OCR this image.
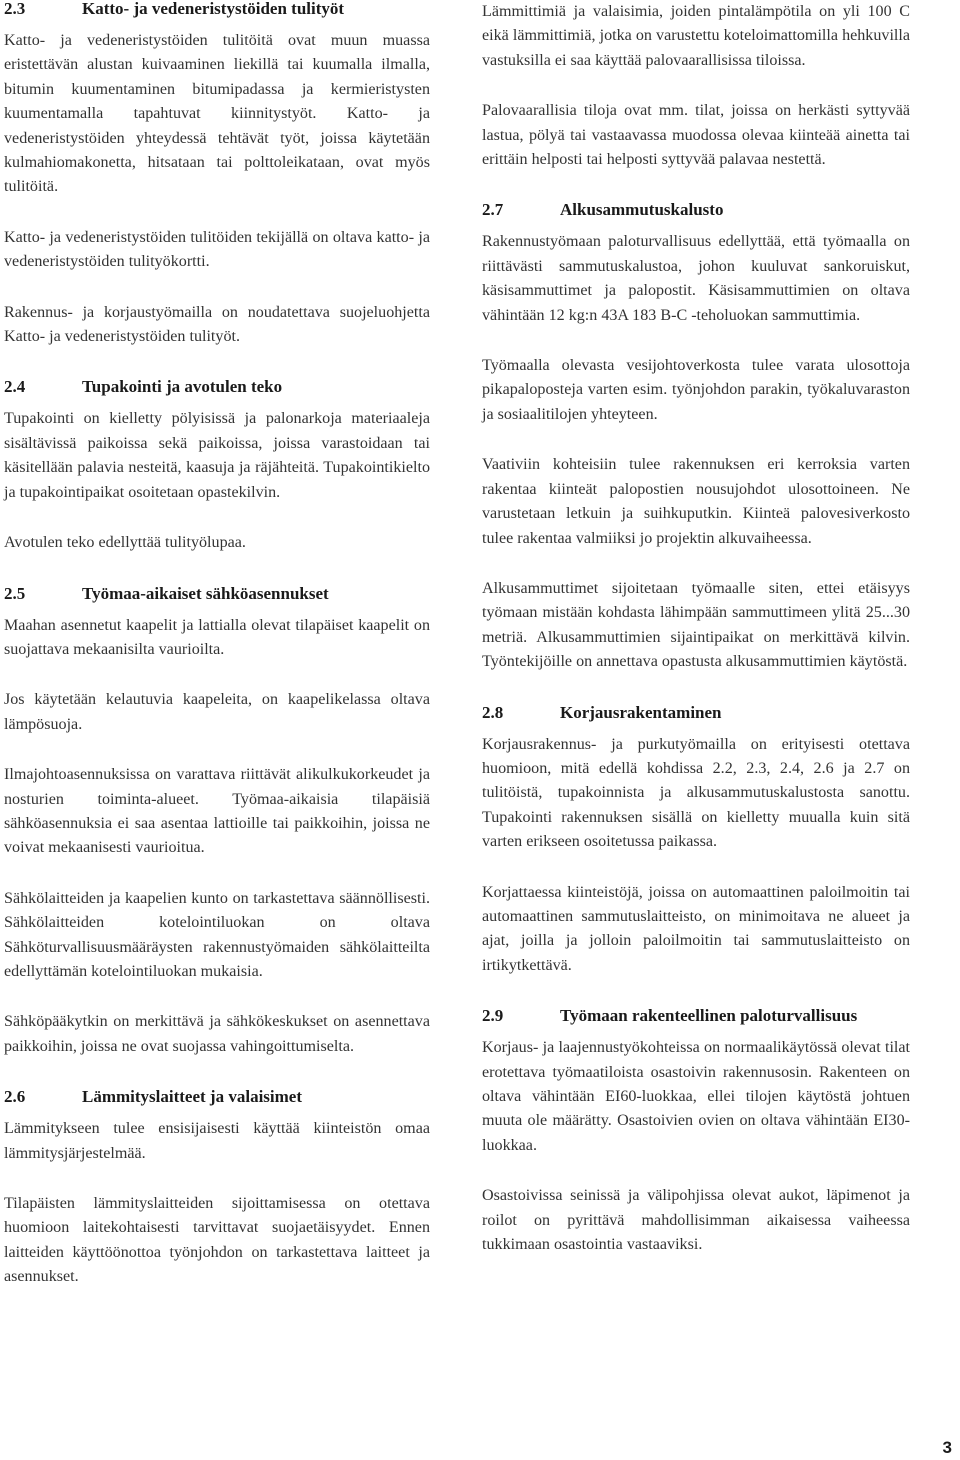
2.3	Katto- ja vedeneristystöiden tulityöt

Katto- ja vedeneristystöiden tulitöitä ovat muun muassa eristettävän alustan kuivaaminen liekillä tai kuumalla ilmalla, bitumin kuumentaminen bitumipadassa ja kermieristysten kuumentamalla tapahtuvat kiinnitystyöt. Katto- ja vedeneristystöiden yhteydessä tehtävät työt, joissa käytetään kulmahiomakonetta, hitsataan tai polttoleikataan, ovat myös tulitöitä.

Katto- ja vedeneristystöiden tulitöiden tekijällä on oltava katto- ja vedeneristystöiden tulityökortti.

Rakennus- ja korjaustyömailla on noudatettava suojeluohjetta Katto- ja vedeneristystöiden tulityöt.

2.4	Tupakointi ja avotulen teko

Tupakointi on kielletty pölyisissä ja palonarkoja materiaaleja sisältävissä paikoissa sekä paikoissa, joissa varastoidaan tai käsitellään palavia nesteitä, kaasuja ja räjähteitä. Tupakointikielto ja tupakointipaikat osoitetaan opastekilvin.

Avotulen teko edellyttää tulityölupaa.

2.5	Työmaa-aikaiset sähköasennukset

Maahan asennetut kaapelit ja lattialla olevat tilapäiset kaapelit on suojattava mekaanisilta vaurioilta.

Jos käytetään kelautuvia kaapeleita, on kaapelikelassa oltava lämpösuoja.

Ilmajohtoasennuksissa on varattava riittävät alikulkukorkeudet ja nosturien toiminta-alueet. Työmaa-aikaisia tilapäisiä sähköasennuksia ei saa asentaa lattioille tai paikkoihin, joissa ne voivat mekaanisesti vaurioitua.

Sähkölaitteiden ja kaapelien kunto on tarkastettava säännöllisesti. Sähkölaitteiden kotelointiluokan on oltava Sähköturvallisuusmääräysten rakennustyömaiden sähkölaitteilta edellyttämän kotelointiluokan mukaisia.

Sähköpääkytkin on merkittävä ja sähkökeskukset on asennettava paikkoihin, joissa ne ovat suojassa vahingoittumiselta.

2.6	Lämmityslaitteet ja valaisimet

Lämmitykseen tulee ensisijaisesti käyttää kiinteistön omaa lämmitysjärjestelmää.

Tilapäisten lämmityslaitteiden sijoittamisessa on otettava huomioon laitekohtaisesti tarvittavat suojaetäisyydet. Ennen laitteiden käyttöönottoa työnjohdon on tarkastettava laitteet ja asennukset.

Lämmittimiä ja valaisimia, joiden pintalämpötila on yli 100 C eikä lämmittimiä, jotka on varustettu koteloimattomilla hehkuvilla vastuksilla ei saa käyttää palovaarallisissa tiloissa.

Palovaarallisia tiloja ovat mm. tilat, joissa on herkästi syttyvää lastua, pölyä tai vastaavassa muodossa olevaa kiinteää ainetta tai erittäin helposti tai helposti syttyvää palavaa nestettä.

2.7	Alkusammutuskalusto

Rakennustyömaan paloturvallisuus edellyttää, että työmaalla on riittävästi sammutuskalustoa, johon kuuluvat sankoruiskut, käsisammuttimet ja palopostit. Käsisammuttimien on oltava vähintään 12 kg:n 43A 183 B-C -teholuokan sammuttimia.

Työmaalla olevasta vesijohtoverkosta tulee varata ulosottoja pikapaloposteja varten esim. työnjohdon parakin, työkaluvaraston ja sosiaalitilojen yhteyteen.

Vaativiin kohteisiin tulee rakennuksen eri kerroksia varten rakentaa kiinteät palopostien nousujohdot ulosottoineen. Ne varustetaan letkuin ja suihkuputkin. Kiinteä palovesiverkosto tulee rakentaa valmiiksi jo projektin alkuvaiheessa.

Alkusammuttimet sijoitetaan työmaalle siten, ettei etäisyys työmaan mistään kohdasta lähimpään sammuttimeen ylitä 25...30 metriä. Alkusammuttimien sijaintipaikat on merkittävä kilvin. Työntekijöille on annettava opastusta alkusammuttimien käytöstä.

2.8	Korjausrakentaminen

Korjausrakennus- ja purkutyömailla on erityisesti otettava huomioon, mitä edellä kohdissa 2.2, 2.3, 2.4, 2.6 ja 2.7 on tulitöistä, tupakoinnista ja alkusammutuskalustosta sanottu. Tupakointi rakennuksen sisällä on kielletty muualla kuin sitä varten erikseen osoitetussa paikassa.

Korjattaessa kiinteistöjä, joissa on automaattinen paloilmoitin tai automaattinen sammutuslaitteisto, on minimoitava ne alueet ja ajat, joilla ja jolloin paloilmoitin tai sammutuslaitteisto on irtikytkettävä.

2.9	Työmaan rakenteellinen paloturvallisuus

Korjaus- ja laajennustyökohteissa on normaalikäytössä olevat tilat erotettava työmaatiloista osastoivin rakennusosin. Rakenteen on oltava vähintään EI60-luokkaa, ellei tilojen käytöstä johtuen muuta ole määrätty. Osastoivien ovien on oltava vähintään EI30-luokkaa.

Osastoivissa seinissä ja välipohjissa olevat aukot, läpimenot ja roilot on pyrittävä mahdollisimman aikaisessa vaiheessa tukkimaan osastointia vastaaviksi.

3
